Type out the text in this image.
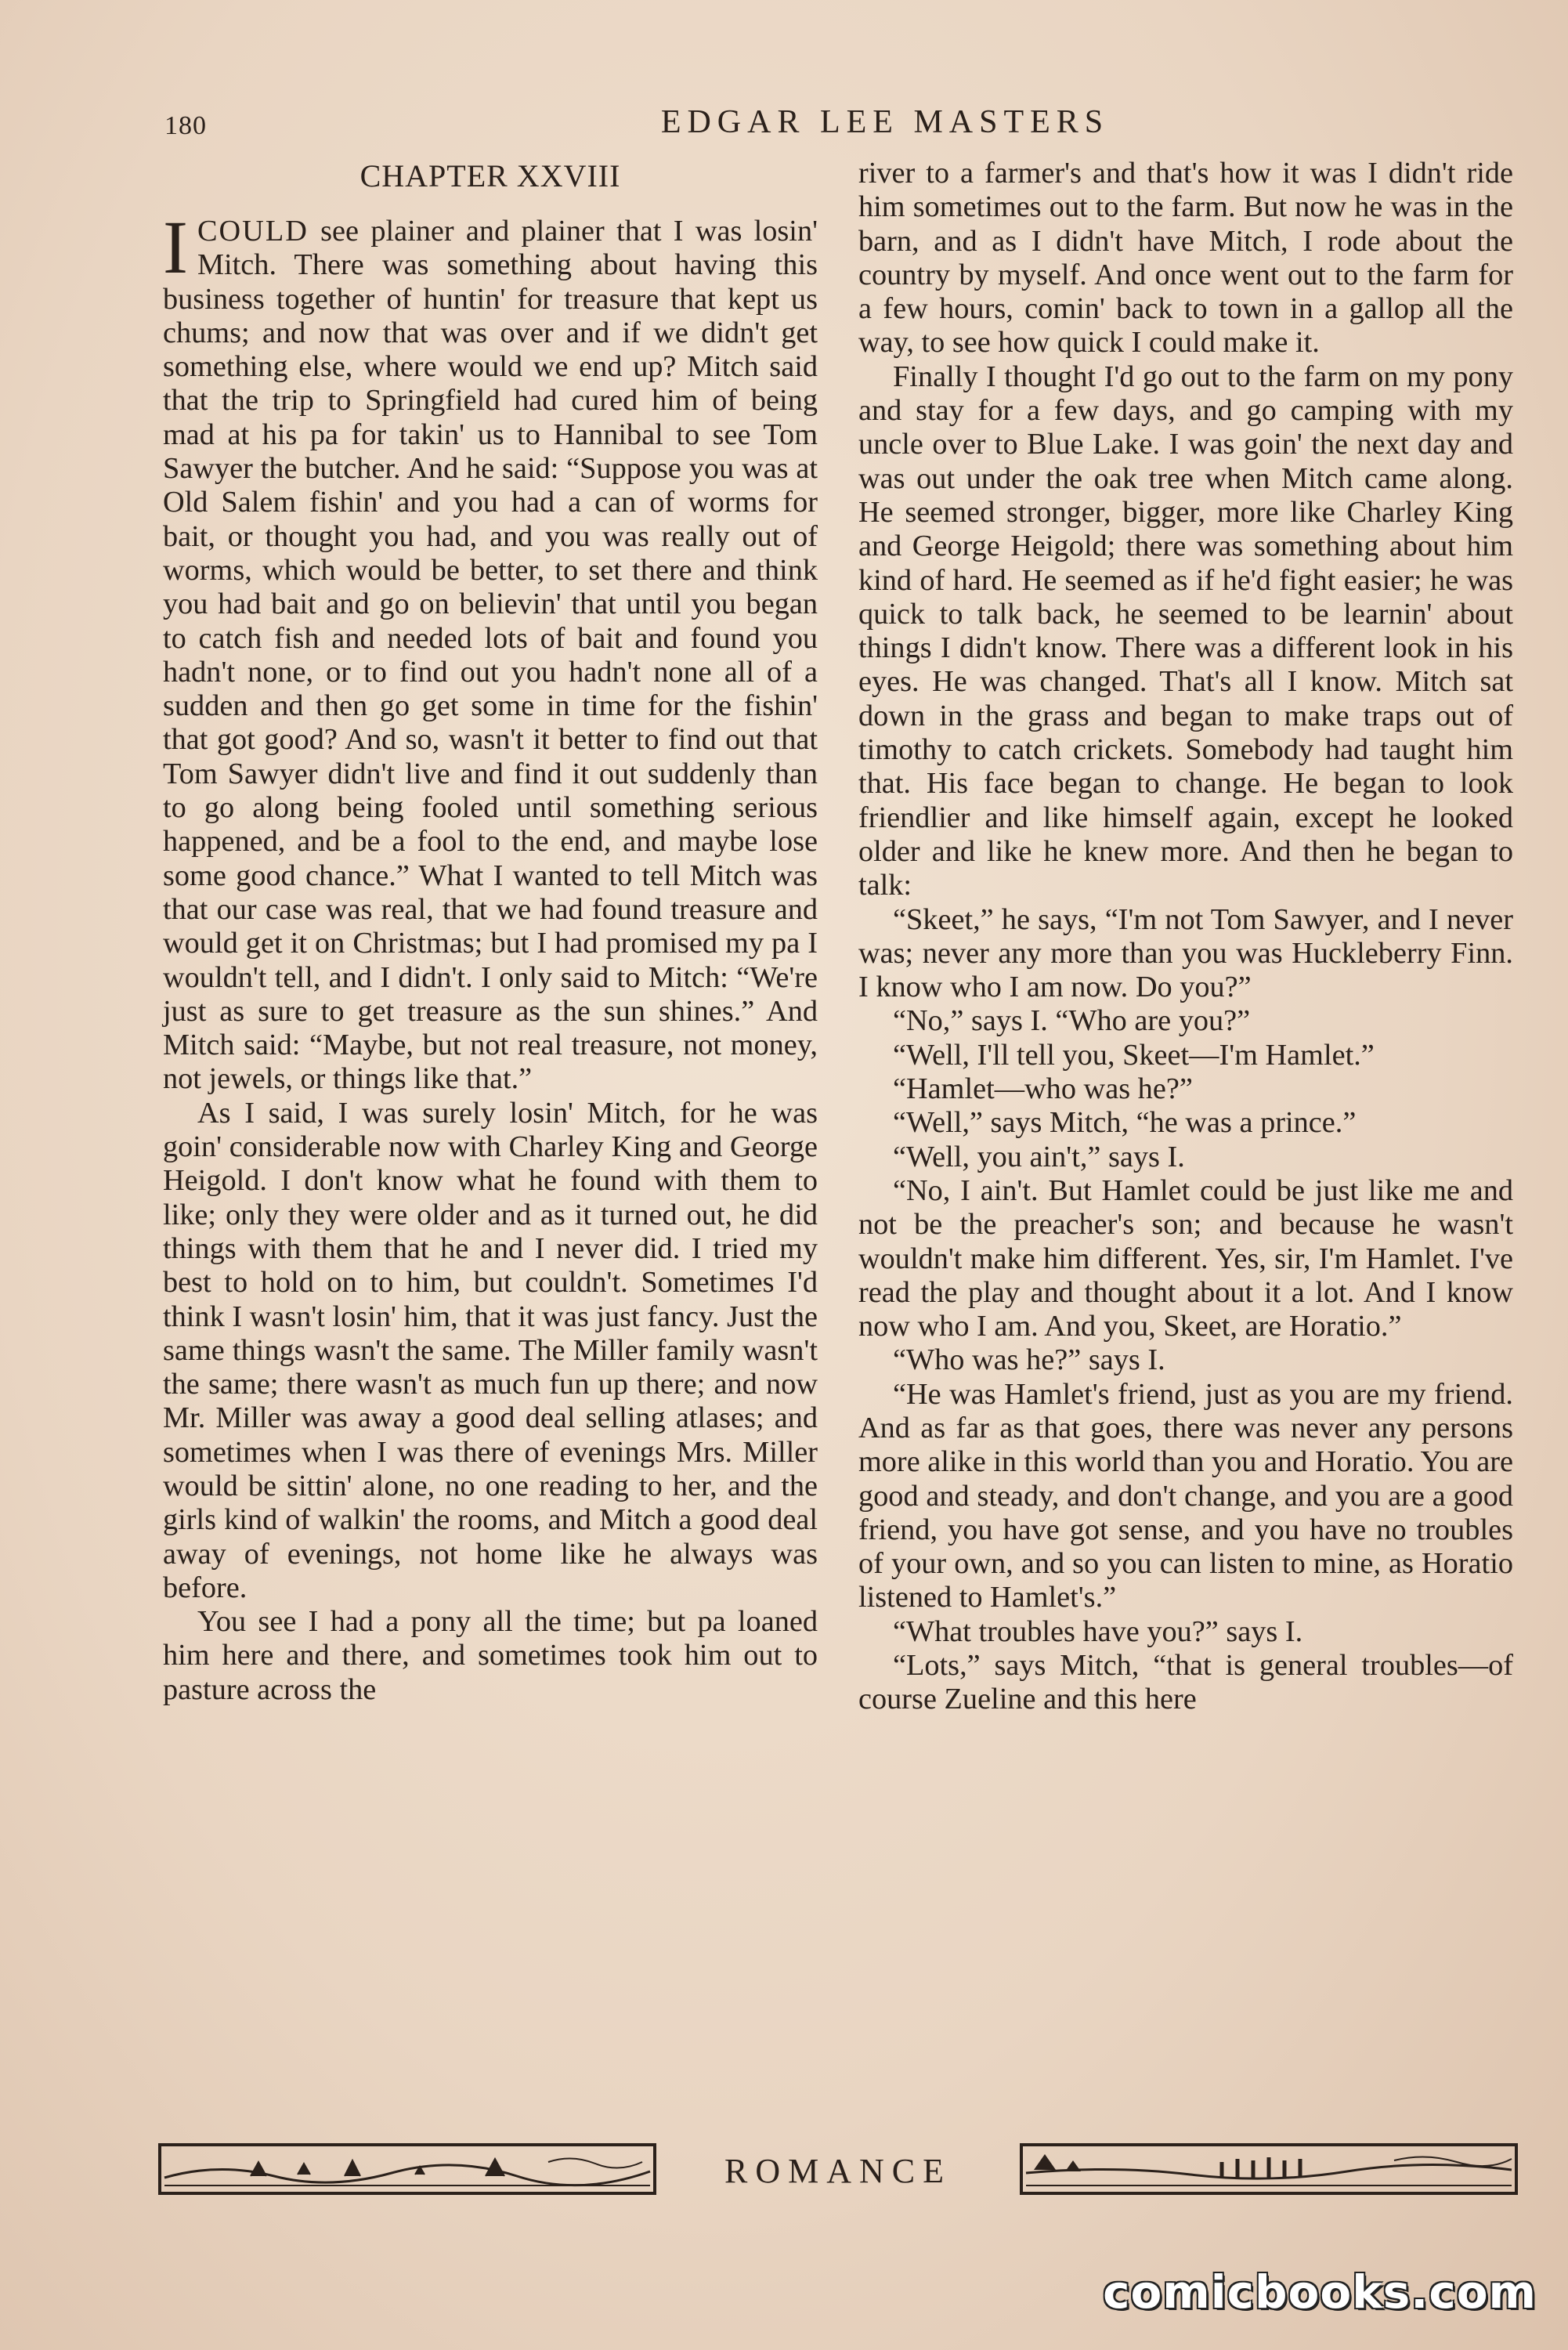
180	EDGAR LEE MASTERS
CHAPTER XXVIII

ICOULD see plainer and plainer that I was losin' Mitch. There was something about having this business together of huntin' for treasure that kept us chums; and now that was over and if we didn't get something else, where would we end up? Mitch said that the trip to Springfield had cured him of being mad at his pa for takin' us to Hannibal to see Tom Sawyer the butcher. And he said: “Suppose you was at Old Salem fishin' and you had a can of worms for bait, or thought you had, and you was really out of worms, which would be better, to set there and think you had bait and go on believin' that until you began to catch fish and needed lots of bait and found you hadn't none, or to find out you hadn't none all of a sudden and then go get some in time for the fishin' that got good? And so, wasn't it better to find out that Tom Sawyer didn't live and find it out suddenly than to go along being fooled until something serious happened, and be a fool to the end, and maybe lose some good chance.” What I wanted to tell Mitch was that our case was real, that we had found treasure and would get it on Christmas; but I had promised my pa I wouldn't tell, and I didn't. I only said to Mitch: “We're just as sure to get treasure as the sun shines.” And Mitch said: “Maybe, but not real treasure, not money, not jewels, or things like that.”

As I said, I was surely losin' Mitch, for he was goin' considerable now with Charley King and George Heigold. I don't know what he found with them to like; only they were older and as it turned out, he did things with them that he and I never did. I tried my best to hold on to him, but couldn't. Sometimes I'd think I wasn't losin' him, that it was just fancy. Just the same things wasn't the same. The Miller family wasn't the same; there wasn't as much fun up there; and now Mr. Miller was away a good deal selling atlases; and sometimes when I was there of evenings Mrs. Miller would be sittin' alone, no one reading to her, and the girls kind of walkin' the rooms, and Mitch a good deal away of evenings, not home like he always was before.

You see I had a pony all the time; but pa loaned him here and there, and sometimes took him out to pasture across the

river to a farmer's and that's how it was I didn't ride him sometimes out to the farm. But now he was in the barn, and as I didn't have Mitch, I rode about the country by myself. And once went out to the farm for a few hours, comin' back to town in a gallop all the way, to see how quick I could make it.

Finally I thought I'd go out to the farm on my pony and stay for a few days, and go camping with my uncle over to Blue Lake. I was goin' the next day and was out under the oak tree when Mitch came along. He seemed stronger, bigger, more like Charley King and George Heigold; there was something about him kind of hard. He seemed as if he'd fight easier; he was quick to talk back, he seemed to be learnin' about things I didn't know. There was a different look in his eyes. He was changed. That's all I know. Mitch sat down in the grass and began to make traps out of timothy to catch crickets. Somebody had taught him that. His face began to change. He began to look friendlier and like himself again, except he looked older and like he knew more. And then he began to talk:

“Skeet,” he says, “I'm not Tom Sawyer, and I never was; never any more than you was Huckleberry Finn. I know who I am now. Do you?”

“No,” says I. “Who are you?”

“Well, I'll tell you, Skeet—I'm Hamlet.”

“Hamlet—who was he?”

“Well,” says Mitch, “he was a prince.”

“Well, you ain't,” says I.

“No, I ain't. But Hamlet could be just like me and not be the preacher's son; and because he wasn't wouldn't make him different. Yes, sir, I'm Hamlet. I've read the play and thought about it a lot. And I know now who I am. And you, Skeet, are Horatio.”

“Who was he?” says I.

“He was Hamlet's friend, just as you are my friend. And as far as that goes, there was never any persons more alike in this world than you and Horatio. You are good and steady, and don't change, and you are a good friend, you have got sense, and you have no troubles of your own, and so you can listen to mine, as Horatio listened to Hamlet's.”

“What troubles have you?” says I.

“Lots,” says Mitch, “that is general troubles—of course Zueline and this here

ROMANCE
comicbooks.com
